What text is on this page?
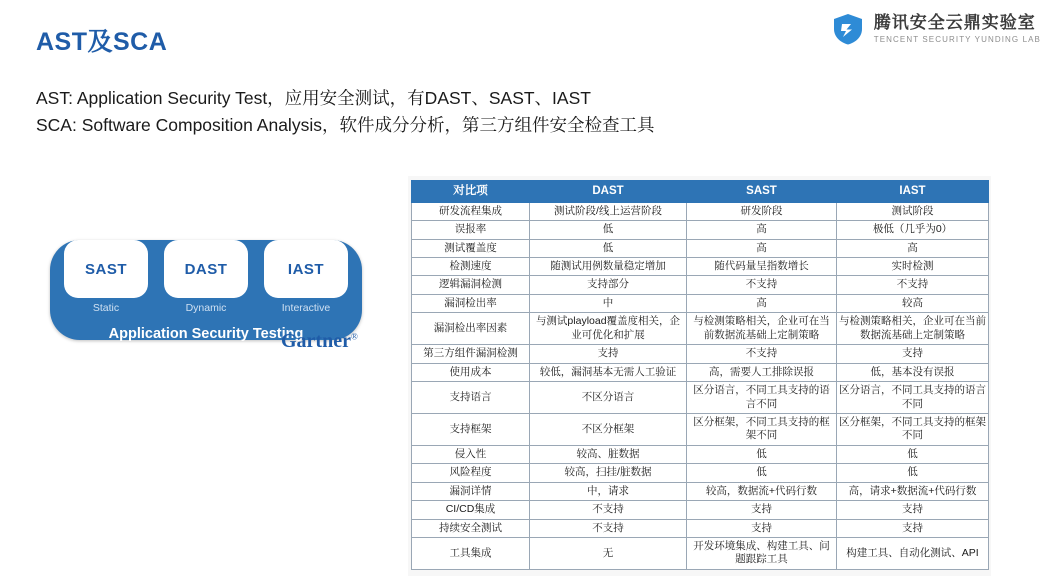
AST及SCA
腾讯安全云鼎实验室
TENCENT SECURITY YUNDING LAB
AST: Application Security Test，应用安全测试，有DAST、SAST、IAST
SCA: Software Composition Analysis，软件成分分析，第三方组件安全检查工具
SAST	DAST	IAST
Static	Dynamic	Interactive
Application Security Testing
Gartner®
对比项	DAST	SAST	IAST
研发流程集成	测试阶段/线上运营阶段	研发阶段	测试阶段
误报率	低	高	极低（几乎为0）
测试覆盖度	低	高	高
检测速度	随测试用例数量稳定增加	随代码量呈指数增长	实时检测
逻辑漏洞检测	支持部分	不支持	不支持
漏洞检出率	中	高	较高
漏洞检出率因素	与测试playload覆盖度相关，企业可优化和扩展	与检测策略相关，企业可在当前数据流基础上定制策略	与检测策略相关，企业可在当前数据流基础上定制策略
第三方组件漏洞检测	支持	不支持	支持
使用成本	较低，漏洞基本无需人工验证	高，需要人工排除误报	低，基本没有误报
支持语言	不区分语言	区分语言，不同工具支持的语言不同	区分语言，不同工具支持的语言不同
支持框架	不区分框架	区分框架，不同工具支持的框架不同	区分框架，不同工具支持的框架不同
侵入性	较高、脏数据	低	低
风险程度	较高，扫挂/脏数据	低	低
漏洞详情	中，请求	较高，数据流+代码行数	高，请求+数据流+代码行数
CI/CD集成	不支持	支持	支持
持续安全测试	不支持	支持	支持
工具集成	无	开发环境集成、构建工具、问题跟踪工具	构建工具、自动化测试、API
